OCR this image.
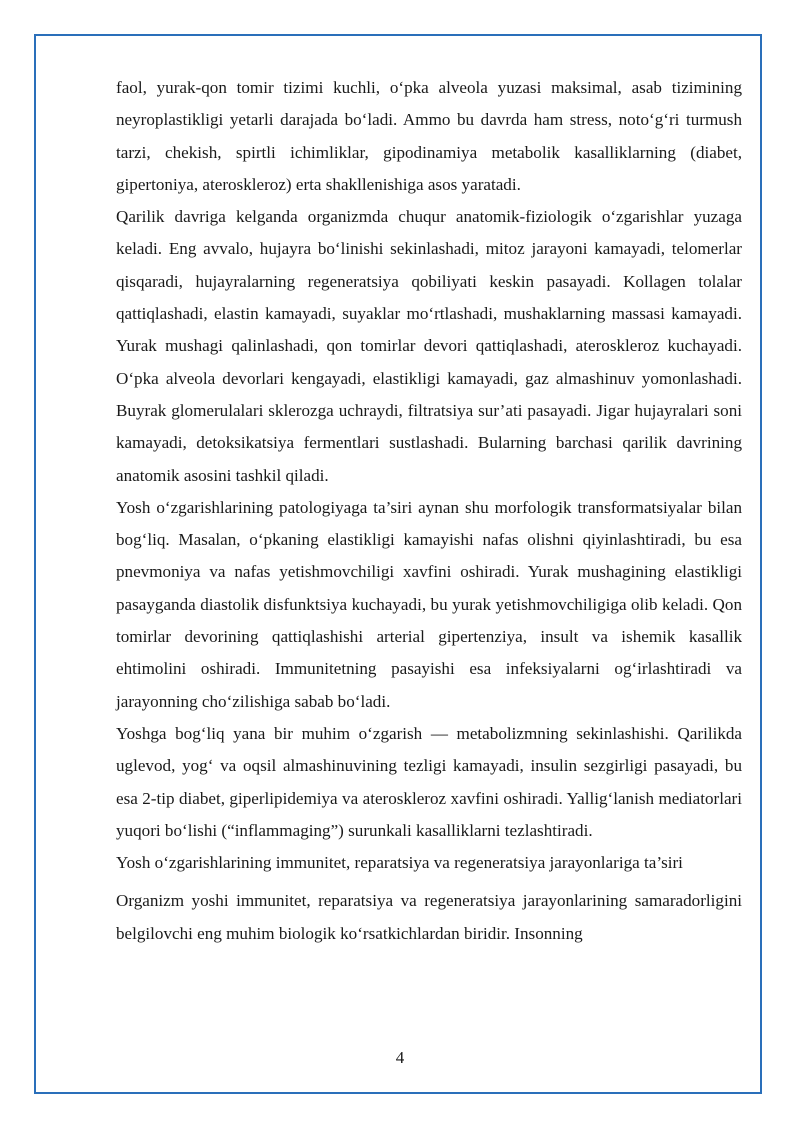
faol, yurak-qon tomir tizimi kuchli, o‘pka alveola yuzasi maksimal, asab tizimining neyroplastikligi yetarli darajada bo‘ladi. Ammo bu davrda ham stress, noto‘g‘ri turmush tarzi, chekish, spirtli ichimliklar, gipodinamiya metabolik kasalliklarning (diabet, gipertoniya, ateroskleroz) erta shakllenishiga asos yaratadi.

Qarilik davriga kelganda organizmda chuqur anatomik-fiziologik o‘zgarishlar yuzaga keladi. Eng avvalo, hujayra bo‘linishi sekinlashadi, mitoz jarayoni kamayadi, telomerlar qisqaradi, hujayralarning regeneratsiya qobiliyati keskin pasayadi. Kollagen tolalar qattiqlashadi, elastin kamayadi, suyaklar mo‘rtlashadi, mushaklarning massasi kamayadi. Yurak mushagi qalinlashadi, qon tomirlar devori qattiqlashadi, ateroskleroz kuchayadi. O‘pka alveola devorlari kengayadi, elastikligi kamayadi, gaz almashinuv yomonlashadi. Buyrak glomerulalari sklerozga uchraydi, filtratsiya sur’ati pasayadi. Jigar hujayralari soni kamayadi, detoksikatsiya fermentlari sustlashadi. Bularning barchasi qarilik davrining anatomik asosini tashkil qiladi.

Yosh o‘zgarishlarining patologiyaga ta’siri aynan shu morfologik transformatsiyalar bilan bog‘liq. Masalan, o‘pkaning elastikligi kamayishi nafas olishni qiyinlashtiradi, bu esa pnevmoniya va nafas yetishmovchiligi xavfini oshiradi. Yurak mushagining elastikligi pasayganda diastolik disfunktsiya kuchayadi, bu yurak yetishmovchiligiga olib keladi. Qon tomirlar devorining qattiqlashishi arterial gipertenziya, insult va ishemik kasallik ehtimolini oshiradi. Immunitetning pasayishi esa infeksiyalarni og‘irlashtiradi va jarayonning cho‘zilishiga sabab bo‘ladi.

Yoshga bog‘liq yana bir muhim o‘zgarish — metabolizmning sekinlashishi. Qarilikda uglevod, yog‘ va oqsil almashinuvining tezligi kamayadi, insulin sezgirligi pasayadi, bu esa 2-tip diabet, giperlipidemiya va ateroskleroz xavfini oshiradi. Yallig‘lanish mediatorlari yuqori bo‘lishi (“inflammaging”) surunkali kasalliklarni tezlashtiradi.

Yosh o‘zgarishlarining immunitet, reparatsiya va regeneratsiya jarayonlariga ta’siri

Organizm yoshi immunitet, reparatsiya va regeneratsiya jarayonlarining samaradorligini belgilovchi eng muhim biologik ko‘rsatkichlardan biridir. Insonning

4
